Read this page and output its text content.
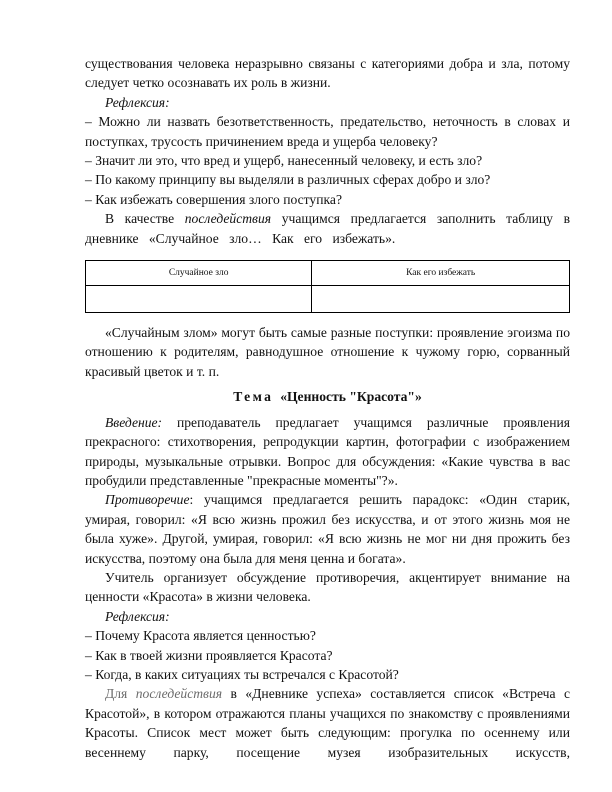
существования человека неразрывно связаны с категориями добра и зла, потому следует четко осознавать их роль в жизни.

Рефлексия:

– Можно ли назвать безответственность, предательство, неточность в словах и поступках, трусость причинением вреда и ущерба человеку?

– Значит ли это, что вред и ущерб, нанесенный человеку, и есть зло?

– По какому принципу вы выделяли в различных сферах добро и зло?

– Как избежать совершения злого поступка?

В качестве последействия учащимся предлагается заполнить таблицу в дневнике «Случайное зло… Как его избежать».

Случайное зло	Как его избежать

«Случайным злом» могут быть самые разные поступки: проявление эгоизма по отношению к родителям, равнодушное отношение к чужому горю, сорванный красивый цветок и т. п.

Тема «Ценность "Красота"»

Введение: преподаватель предлагает учащимся различные проявления прекрасного: стихотворения, репродукции картин, фотографии с изображением природы, музыкальные отрывки. Вопрос для обсуждения: «Какие чувства в вас пробудили представленные "прекрасные моменты"?».

Противоречие: учащимся предлагается решить парадокс: «Один старик, умирая, говорил: «Я всю жизнь прожил без искусства, и от этого жизнь моя не была хуже». Другой, умирая, говорил: «Я всю жизнь не мог ни дня прожить без искусства, поэтому она была для меня ценна и богата».

Учитель организует обсуждение противоречия, акцентирует внимание на ценности «Красота» в жизни человека.

Рефлексия:

– Почему Красота является ценностью?

– Как в твоей жизни проявляется Красота?

– Когда, в каких ситуациях ты встречался с Красотой?

Для последействия в «Дневнике успеха» составляется список «Встреча с Красотой», в котором отражаются планы учащихся по знакомству с проявлениями Красоты. Список мест может быть следующим: прогулка по осеннему или весеннему парку, посещение музея изобразительных искусств,
